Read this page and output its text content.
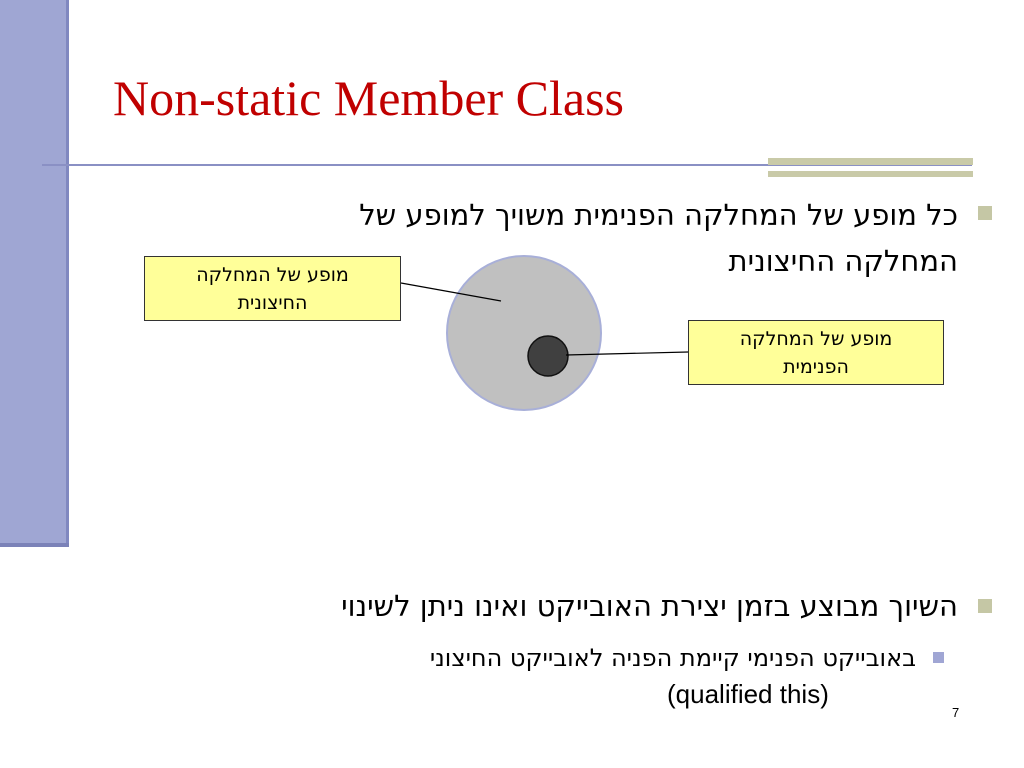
Non-static Member Class
כל מופע של המחלקה הפנימית משויך למופע של
המחלקה החיצונית
מופע של המחלקה
החיצונית
מופע של המחלקה
הפנימית
השיוך מבוצע בזמן יצירת האובייקט ואינו ניתן לשינוי
באובייקט הפנימי קיימת הפניה לאובייקט החיצוני
(qualified this)
7
